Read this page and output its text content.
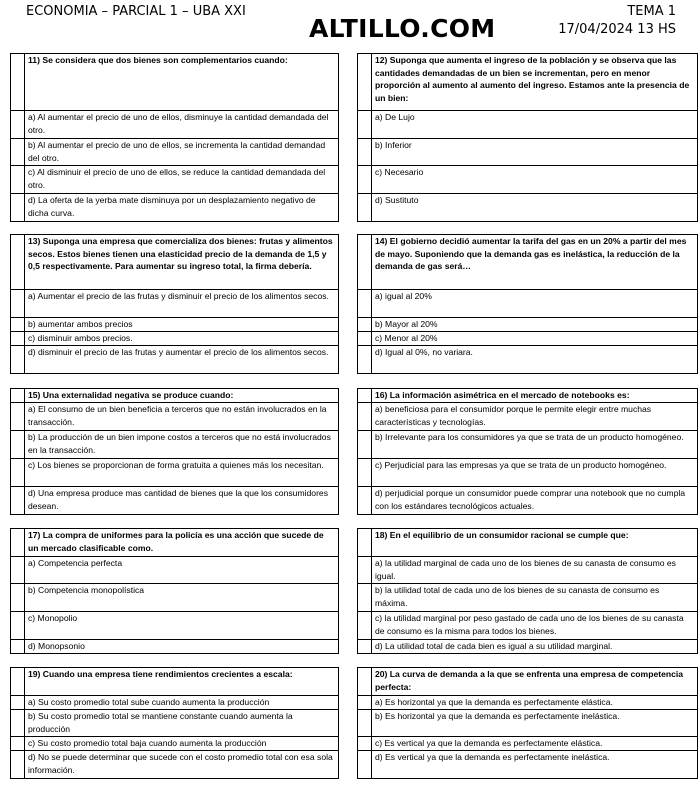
ECONOMIA – PARCIAL 1 – UBA XXI
ALTILLO.COM
TEMA 1
17/04/2024 13 HS
	11) Se considera que dos bienes son complementarios cuando:
	a) Al aumentar el precio de uno de ellos, disminuye la cantidad demandada del otro.
	b) Al aumentar el precio de uno de ellos, se incrementa la cantidad demandad del otro.
	c) Al disminuir el precio de uno de ellos, se reduce la cantidad demandada del otro.
	d) La oferta de la yerba mate disminuya por un desplazamiento negativo de dicha curva.
	12) Suponga que aumenta el ingreso de la población y se observa que las cantidades demandadas de un bien se incrementan, pero en menor proporción al aumento al aumento del ingreso. Estamos ante la presencia de un bien:
	a) De Lujo
	b) Inferior
	c) Necesario
	d) Sustituto
	13) Suponga una empresa que comercializa dos bienes: frutas y alimentos secos. Estos bienes tienen una elasticidad precio de la demanda de 1,5 y 0,5 respectivamente. Para aumentar su ingreso total, la firma debería.
	a) Aumentar el precio de las frutas y disminuir el precio de los alimentos secos.
	b) aumentar ambos precios
	c) disminuir ambos precios.
	d) disminuir el precio de las frutas y aumentar el precio de los alimentos secos.
	14) El gobierno decidió aumentar la tarifa del gas en un 20% a partir del mes de mayo. Suponiendo que la demanda gas es inelástica, la reducción de la demanda de gas será…
	a) igual al 20%
	b) Mayor al 20%
	c) Menor al 20%
	d) Igual al 0%, no variara.
	15) Una externalidad negativa se produce cuando:
	a) El consumo de un bien beneficia a terceros que no están involucrados en la transacción.
	b) La producción de un bien impone costos a terceros que no está involucrados en la transacción.
	c) Los bienes se proporcionan de forma gratuita a quienes más los necesitan.
	d) Una empresa produce mas cantidad de bienes que la que los consumidores desean.
	16) La información asimétrica en el mercado de notebooks es:
	a) beneficiosa para el consumidor porque le permite elegir entre muchas características y tecnologías.
	b) Irrelevante para los consumidores ya que se trata de un producto homogéneo.
	c) Perjudicial para las empresas ya que se trata de un producto homogéneo.
	d) perjudicial porque un consumidor puede comprar una notebook que no cumpla con los estándares tecnológicos actuales.
	17) La compra de uniformes para la policía es una acción que sucede de un mercado clasificable como.
	a) Competencia perfecta
	b) Competencia monopolística
	c) Monopolio
	d) Monopsonio
	18) En el equilibrio de un consumidor racional se cumple que:
	a) la utilidad marginal de cada uno de los bienes de su canasta de consumo es igual.
	b) la utilidad total de cada uno de los bienes de su canasta de consumo es máxima.
	c) la utilidad marginal por peso gastado de cada uno de los bienes de su canasta de consumo es la misma para todos los bienes.
	d) La utilidad total de cada bien es igual a su utilidad marginal.
	19) Cuando una empresa tiene rendimientos crecientes a escala:
	a) Su costo promedio total sube cuando aumenta la producción
	b) Su costo promedio total se mantiene constante cuando aumenta la producción
	c) Su costo promedio total baja cuando aumenta la producción
	d) No se puede determinar que sucede con el costo promedio total con esa sola información.
	20) La curva de demanda a la que se enfrenta una empresa de competencia perfecta:
	a) Es horizontal ya que la demanda es perfectamente elástica.
	b) Es horizontal ya que la demanda es perfectamente inelástica.
	c) Es vertical ya que la demanda es perfectamente elástica.
	d) Es vertical ya que la demanda es perfectamente inelástica.
